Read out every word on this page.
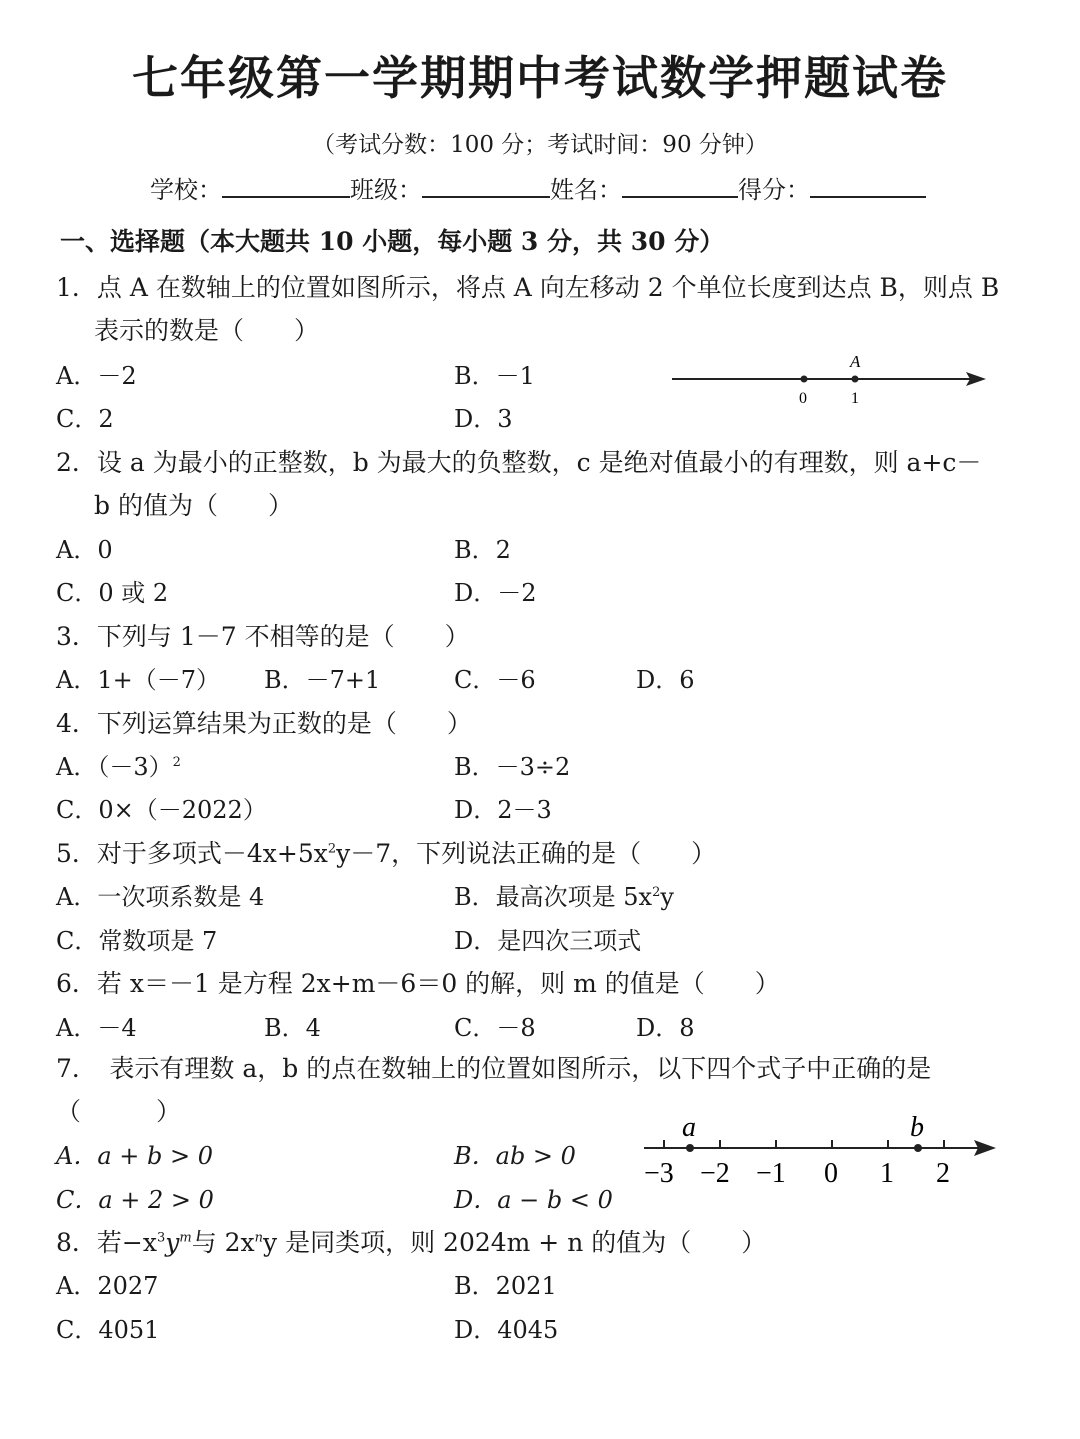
七年级第一学期期中考试数学押题试卷
（考试分数：100 分；考试时间：90 分钟）
学校：	班级：	姓名：	得分：
一、选择题（本大题共 10 小题，每小题 3 分，共 30 分）
1．点 A 在数轴上的位置如图所示，将点 A 向左移动 2 个单位长度到达点 B，则点 B
表示的数是（　　）
A．－2	B．－1
C．2	D．3
A
0	1
2．设 a 为最小的正整数，b 为最大的负整数，c 是绝对值最小的有理数，则 a+c－
b 的值为（　　）
A．0	B．2
C．0 或 2	D．－2
3．下列与 1－7 不相等的是（　　）
A．1+（－7） B．－7+1	C．－6	D．6
4．下列运算结果为正数的是（　　）
A．$(-3)^2$	B．－3÷2
C．0×（－2022）	D．2－3
5．对于多项式$-4x+5x^2y-7$，下列说法正确的是（　　）
A．一次项系数是 4	B．最高次项是 $5x^2y$
C．常数项是 7	D．是四次三项式
6．若 x＝－1 是方程 2x+m－6＝0 的解，则 m 的值是（　　）
A．－4	B．4	C．－8	D．8
7．　表示有理数 a，b 的点在数轴上的位置如图所示，以下四个式子中正确的是
（　　　）
A．a + b > 0	B．ab > 0
C．a + 2 > 0	D．a − b < 0
a	b
−3 −2 −1 0 1 2
8．若$-x^3y^m$与 $2x^ny$ 是同类项，则 2024m + n 的值为（　　）
A．2027	B．2021
C．4051	D．4045
